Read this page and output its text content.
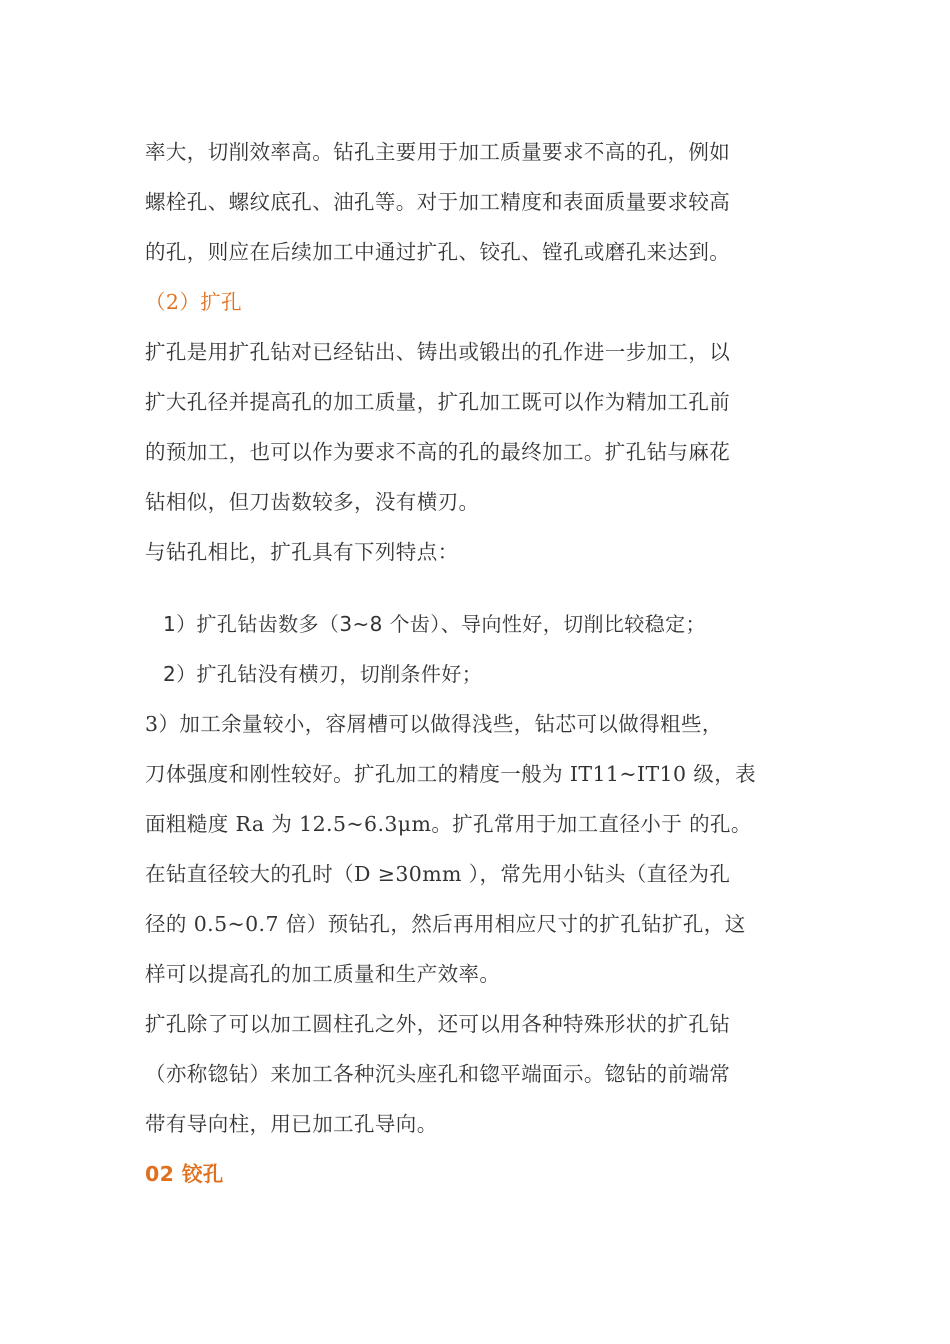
率大，切削效率高。钻孔主要用于加工质量要求不高的孔，例如
螺栓孔、螺纹底孔、油孔等。对于加工精度和表面质量要求较高
的孔，则应在后续加工中通过扩孔、铰孔、镗孔或磨孔来达到。
（2）扩孔
扩孔是用扩孔钻对已经钻出、铸出或锻出的孔作进一步加工，以
扩大孔径并提高孔的加工质量，扩孔加工既可以作为精加工孔前
的预加工，也可以作为要求不高的孔的最终加工。扩孔钻与麻花
钻相似，但刀齿数较多，没有横刃。
与钻孔相比，扩孔具有下列特点：
1）扩孔钻齿数多（3~8 个齿）、导向性好，切削比较稳定；
2）扩孔钻没有横刃，切削条件好；
3）加工余量较小，容屑槽可以做得浅些，钻芯可以做得粗些，
刀体强度和刚性较好。扩孔加工的精度一般为 IT11~IT10 级，表
面粗糙度 Ra 为 12.5~6.3μm。扩孔常用于加工直径小于 的孔。
在钻直径较大的孔时（D ≥30mm ），常先用小钻头（直径为孔
径的 0.5~0.7 倍）预钻孔，然后再用相应尺寸的扩孔钻扩孔，这
样可以提高孔的加工质量和生产效率。
扩孔除了可以加工圆柱孔之外，还可以用各种特殊形状的扩孔钻
（亦称锪钻）来加工各种沉头座孔和锪平端面示。锪钻的前端常
带有导向柱，用已加工孔导向。
02 铰孔
